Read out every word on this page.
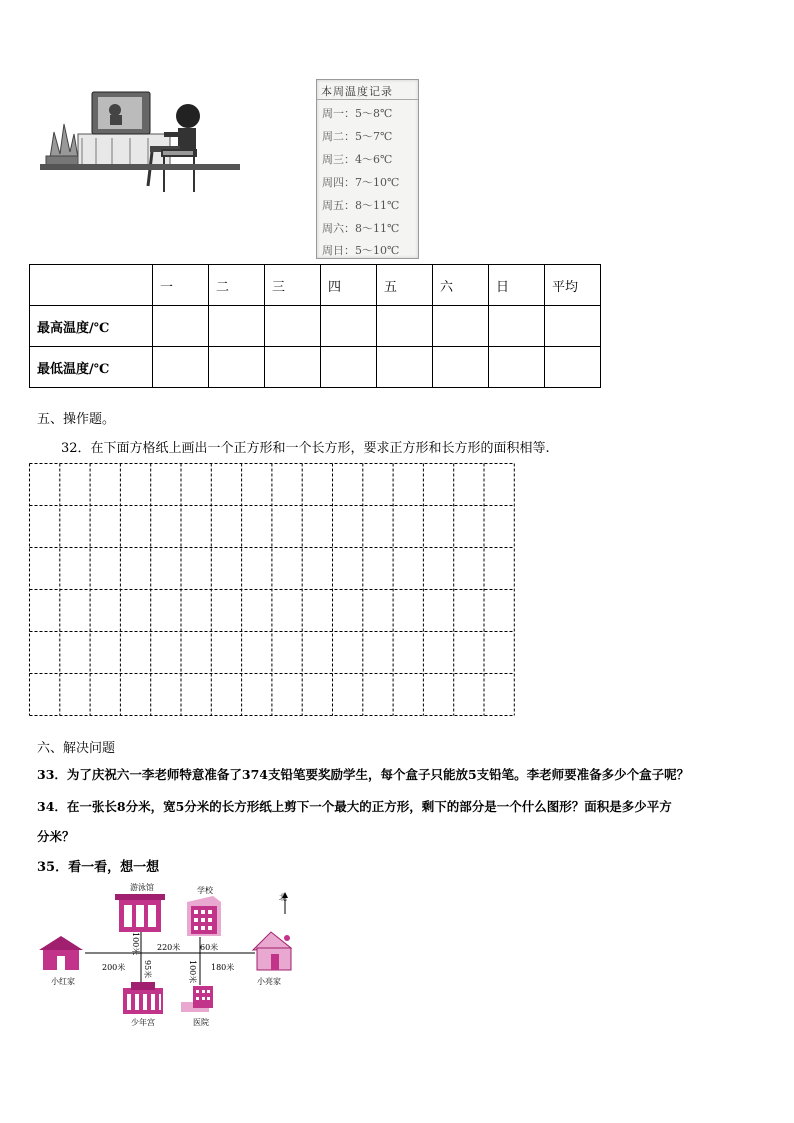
本周温度记录
周一：5～8℃
周二：5～7℃
周三：4～6℃
周四：7～10℃
周五：8～11℃
周六：8～11℃
周日：5～10℃
	一	二	三	四	五	六	日	平均
最高温度/℃								
最低温度/℃								
五、操作题。
32．在下面方格纸上画出一个正方形和一个长方形，要求正方形和长方形的面积相等.
六、解决问题
33．为了庆祝六一李老师特意准备了374支铅笔要奖励学生，每个盒子只能放5支铅笔。李老师要准备多少个盒子呢？
34．在一张长8分米，宽5分米的长方形纸上剪下一个最大的正方形，剩下的部分是一个什么图形？面积是多少平方
分米？
35．看一看，想一想
北
游泳馆	学校
小红家	小亮家
少年宫	医院
200米
220米 60米
180米
100米
95米	100米
